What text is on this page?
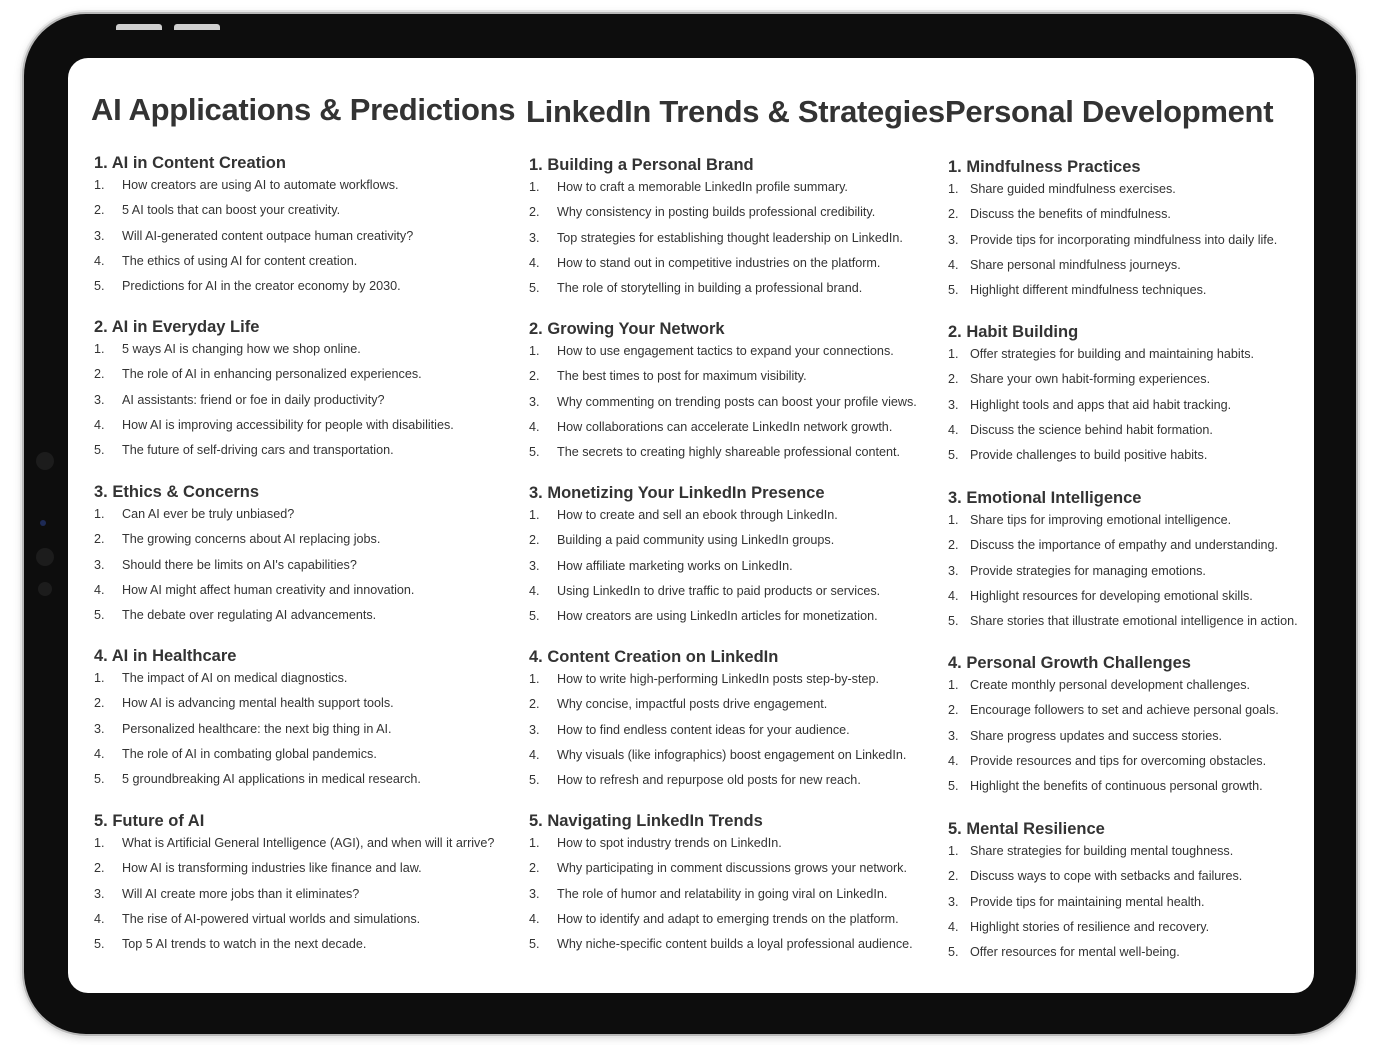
AI Applications & Predictions
1. AI in Content Creation
1.	How creators are using AI to automate workflows.
2.	5 AI tools that can boost your creativity.
3.	Will AI-generated content outpace human creativity?
4.	The ethics of using AI for content creation.
5.	Predictions for AI in the creator economy by 2030.
2. AI in Everyday Life
1.	5 ways AI is changing how we shop online.
2.	The role of AI in enhancing personalized experiences.
3.	AI assistants: friend or foe in daily productivity?
4.	How AI is improving accessibility for people with disabilities.
5.	The future of self-driving cars and transportation.
3. Ethics & Concerns
1.	Can AI ever be truly unbiased?
2.	The growing concerns about AI replacing jobs.
3.	Should there be limits on AI's capabilities?
4.	How AI might affect human creativity and innovation.
5.	The debate over regulating AI advancements.
4. AI in Healthcare
1.	The impact of AI on medical diagnostics.
2.	How AI is advancing mental health support tools.
3.	Personalized healthcare: the next big thing in AI.
4.	The role of AI in combating global pandemics.
5.	5 groundbreaking AI applications in medical research.
5. Future of AI
1.	What is Artificial General Intelligence (AGI), and when will it arrive?
2.	How AI is transforming industries like finance and law.
3.	Will AI create more jobs than it eliminates?
4.	The rise of AI-powered virtual worlds and simulations.
5.	Top 5 AI trends to watch in the next decade.
LinkedIn Trends & Strategies
1. Building a Personal Brand
1.	How to craft a memorable LinkedIn profile summary.
2.	Why consistency in posting builds professional credibility.
3.	Top strategies for establishing thought leadership on LinkedIn.
4.	How to stand out in competitive industries on the platform.
5.	The role of storytelling in building a professional brand.
2. Growing Your Network
1.	How to use engagement tactics to expand your connections.
2.	The best times to post for maximum visibility.
3.	Why commenting on trending posts can boost your profile views.
4.	How collaborations can accelerate LinkedIn network growth.
5.	The secrets to creating highly shareable professional content.
3. Monetizing Your LinkedIn Presence
1.	How to create and sell an ebook through LinkedIn.
2.	Building a paid community using LinkedIn groups.
3.	How affiliate marketing works on LinkedIn.
4.	Using LinkedIn to drive traffic to paid products or services.
5.	How creators are using LinkedIn articles for monetization.
4. Content Creation on LinkedIn
1.	How to write high-performing LinkedIn posts step-by-step.
2.	Why concise, impactful posts drive engagement.
3.	How to find endless content ideas for your audience.
4.	Why visuals (like infographics) boost engagement on LinkedIn.
5.	How to refresh and repurpose old posts for new reach.
5. Navigating LinkedIn Trends
1.	How to spot industry trends on LinkedIn.
2.	Why participating in comment discussions grows your network.
3.	The role of humor and relatability in going viral on LinkedIn.
4.	How to identify and adapt to emerging trends on the platform.
5.	Why niche-specific content builds a loyal professional audience.
Personal Development
1. Mindfulness Practices
1. Share guided mindfulness exercises.
2. Discuss the benefits of mindfulness.
3. Provide tips for incorporating mindfulness into daily life.
4. Share personal mindfulness journeys.
5. Highlight different mindfulness techniques.
2. Habit Building
1. Offer strategies for building and maintaining habits.
2. Share your own habit-forming experiences.
3. Highlight tools and apps that aid habit tracking.
4. Discuss the science behind habit formation.
5. Provide challenges to build positive habits.
3. Emotional Intelligence
1. Share tips for improving emotional intelligence.
2. Discuss the importance of empathy and understanding.
3. Provide strategies for managing emotions.
4. Highlight resources for developing emotional skills.
5. Share stories that illustrate emotional intelligence in action.
4. Personal Growth Challenges
1. Create monthly personal development challenges.
2. Encourage followers to set and achieve personal goals.
3. Share progress updates and success stories.
4. Provide resources and tips for overcoming obstacles.
5. Highlight the benefits of continuous personal growth.
5. Mental Resilience
1. Share strategies for building mental toughness.
2. Discuss ways to cope with setbacks and failures.
3. Provide tips for maintaining mental health.
4. Highlight stories of resilience and recovery.
5. Offer resources for mental well-being.
